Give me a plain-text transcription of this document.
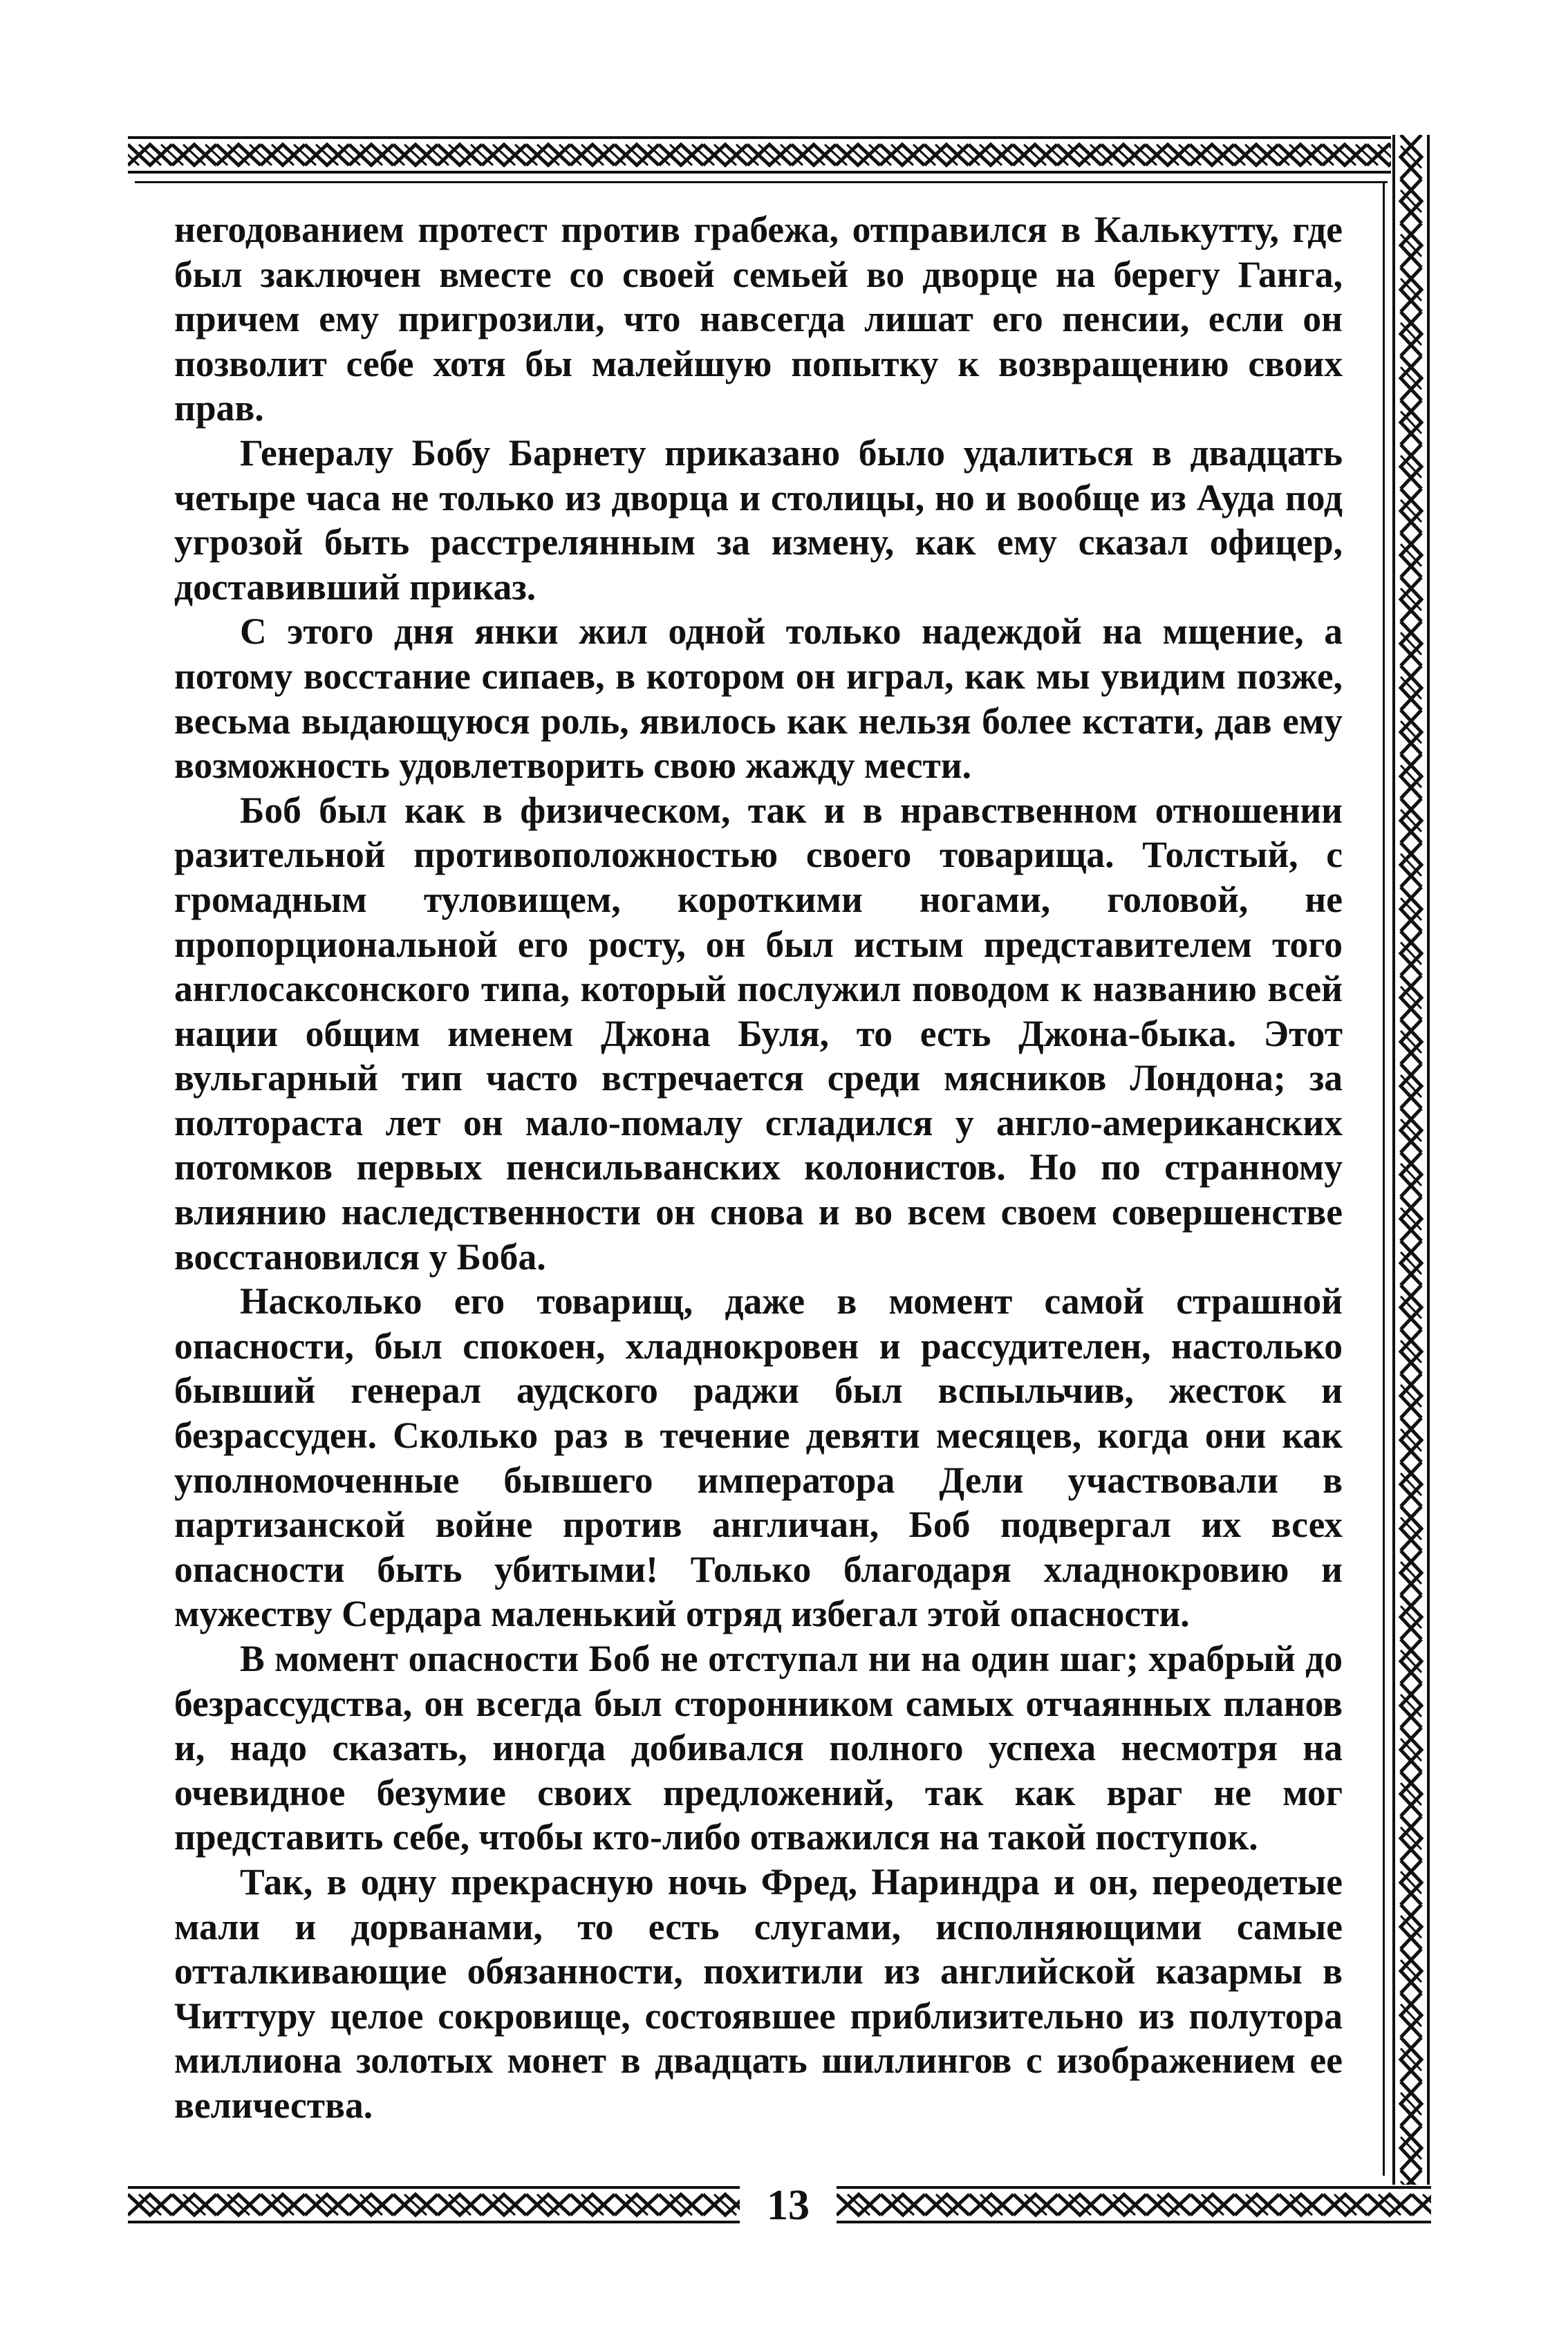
негодованием протест против грабежа, отправился в Калькутту, где был заключен вместе со своей семьей во дворце на берегу Ганга, причем ему пригрозили, что навсегда лишат его пенсии, если он позволит себе хотя бы малейшую попытку к возвращению своих прав.

Генералу Бобу Барнету приказано было удалиться в двадцать четыре часа не только из дворца и столицы, но и вообще из Ауда под угрозой быть расстрелянным за измену, как ему сказал офицер, доставивший приказ.

С этого дня янки жил одной только надеждой на мщение, а потому восстание сипаев, в котором он играл, как мы увидим позже, весьма выдающуюся роль, явилось как нельзя более кстати, дав ему возможность удовлетворить свою жажду мести.

Боб был как в физическом, так и в нравственном отношении разительной противоположностью своего товарища. Толстый, с громадным туловищем, короткими ногами, головой, не пропорциональной его росту, он был истым представителем того англосаксонского типа, который послужил поводом к названию всей нации общим именем Джона Буля, то есть Джона-быка. Этот вульгарный тип часто встречается среди мясников Лондона; за полтораста лет он мало-помалу сгладился у англо-американских потомков первых пенсильванских колонистов. Но по странному влиянию наследственности он снова и во всем своем совершенстве восстановился у Боба.

Насколько его товарищ, даже в момент самой страшной опасности, был спокоен, хладнокровен и рассудителен, настолько бывший генерал аудского раджи был вспыльчив, жесток и безрассуден. Сколько раз в течение девяти месяцев, когда они как уполномоченные бывшего императора Дели участвовали в партизанской войне против англичан, Боб подвергал их всех опасности быть убитыми! Только благодаря хладнокровию и мужеству Сердара маленький отряд избегал этой опасности.

В момент опасности Боб не отступал ни на один шаг; храбрый до безрассудства, он всегда был сторонником самых отчаянных планов и, надо сказать, иногда добивался полного успеха несмотря на очевидное безумие своих предложений, так как враг не мог представить себе, чтобы кто-либо отважился на такой поступок.

Так, в одну прекрасную ночь Фред, Нариндра и он, переодетые мали и дорванами, то есть слугами, исполняющими самые отталкивающие обязанности, похитили из английской казармы в Читтуру целое сокровище, состоявшее приблизительно из полутора миллиона золотых монет в двадцать шиллингов с изображением ее величества.

13
